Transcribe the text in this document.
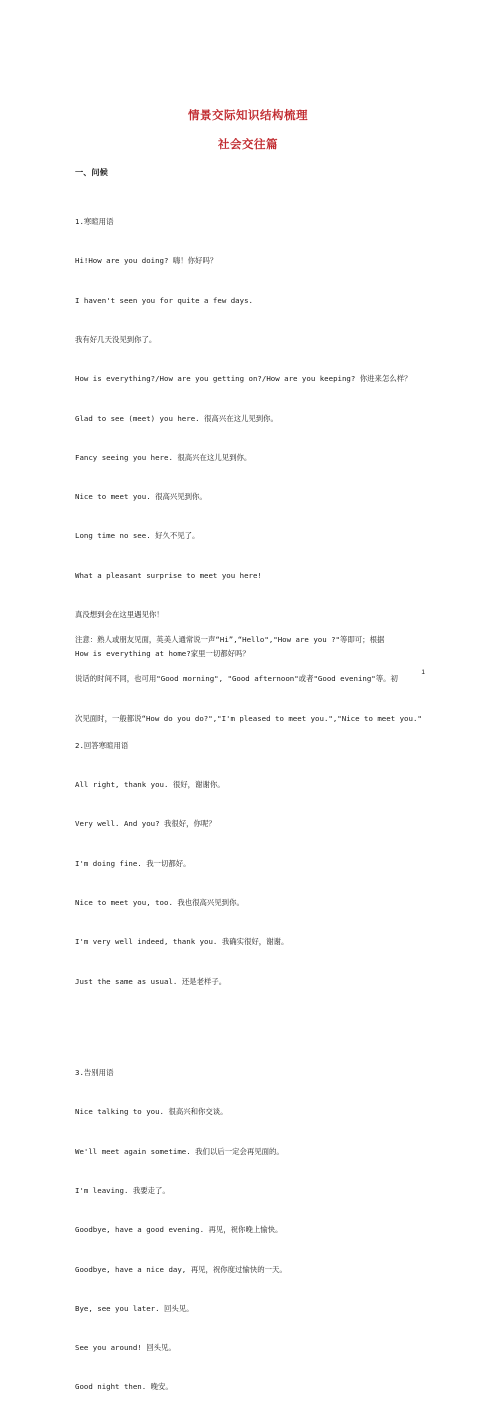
情景交际知识结构梳理
社会交往篇
一、问候

1.寒暄用语

Hi!How are you doing? 嗨！你好吗？

I haven't seen you for quite a few days.

我有好几天没见到你了。

How is everything?/How are you getting on?/How are you keeping? 你进来怎么样？

Glad to see (meet) you here. 很高兴在这儿见到你。

Fancy seeing you here. 很高兴在这儿见到你。

Nice to meet you. 很高兴见到你。

Long time no see. 好久不见了。

What a pleasant surprise to meet you here!

真没想到会在这里遇见你！

How is everything at home?家里一切都好吗？

2.回答寒暄用语

All right, thank you. 很好，谢谢你。

Very well. And you? 我很好，你呢？

I'm doing fine. 我一切都好。

Nice to meet you, too. 我也很高兴见到你。

I'm very well indeed, thank you. 我确实很好，谢谢。

Just the same as usual. 还是老样子。

3.告别用语

Nice talking to you. 很高兴和你交谈。

We'll meet again sometime. 我们以后一定会再见面的。

I'm leaving. 我要走了。

Goodbye, have a good evening. 再见，祝你晚上愉快。

Goodbye, have a nice day, 再见，祝你度过愉快的一天。

Bye, see you later. 回头见。

See you around! 回头见。

Good night then. 晚安。

注意：熟人或朋友见面，英美人通常说一声“Hi”,“Hello","How are you ?"等即可；根据

说话的时间不同，也可用"Good morning", "Good afternoon"或者"Good evening"等。初

次见面时，一般都说“How do you do?","I'm pleased to meet you.","Nice to meet you."

1
